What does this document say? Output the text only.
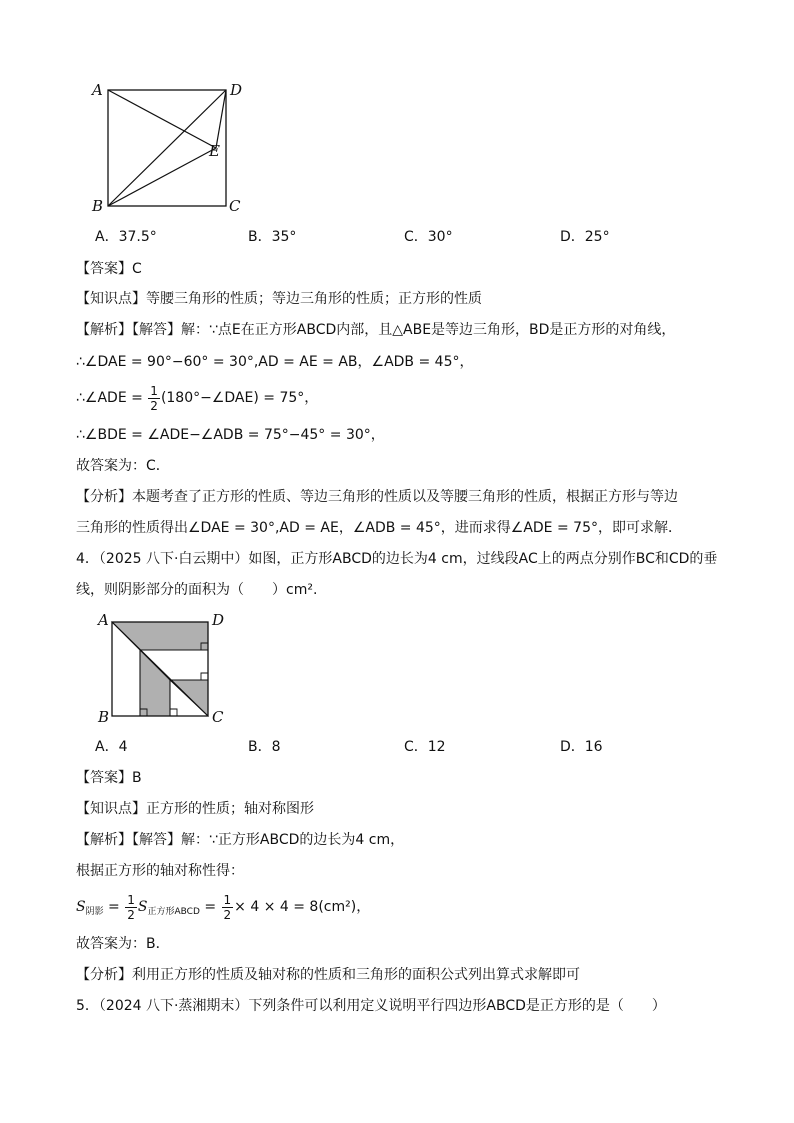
A	D
E
B	C
A．37.5°	B．35°	C．30°	D．25°
【答案】C
【知识点】等腰三角形的性质；等边三角形的性质；正方形的性质
【解析】【解答】解：∵点E在正方形ABCD内部，且△ABE是等边三角形，BD是正方形的对角线，
∴∠DAE = 90°−60° = 30°,AD = AE = AB，∠ADB = 45°，
∴∠ADE = $\frac{1}{2}$ (180°−∠DAE) = 75°，
∴∠BDE = ∠ADE−∠ADB = 75°−45° = 30°，
故答案为：C．
【分析】本题考查了正方形的性质、等边三角形的性质以及等腰三角形的性质，根据正方形与等边
三角形的性质得出∠DAE = 30°,AD = AE，∠ADB = 45°，进而求得∠ADE = 75°，即可求解．
4．（2025 八下·白云期中）如图，正方形ABCD的边长为4 cm，过线段AC上的两点分别作BC和CD的垂
线，则阴影部分的面积为（　　）cm².
A	D
B	C
A．4	B．8	C．12	D．16
【答案】B
【知识点】正方形的性质；轴对称图形
【解析】【解答】解：∵正方形ABCD的边长为4 cm，
根据正方形的轴对称性得：
$S_{阴影} = \frac{1}{2} S_{正方形ABCD} = \frac{1}{2} \times 4 \times 4 = 8(cm^2)$，
故答案为：B．
【分析】利用正方形的性质及轴对称的性质和三角形的面积公式列出算式求解即可
5．（2024 八下·蒸湘期末）下列条件可以利用定义说明平行四边形ABCD是正方形的是（　　）
